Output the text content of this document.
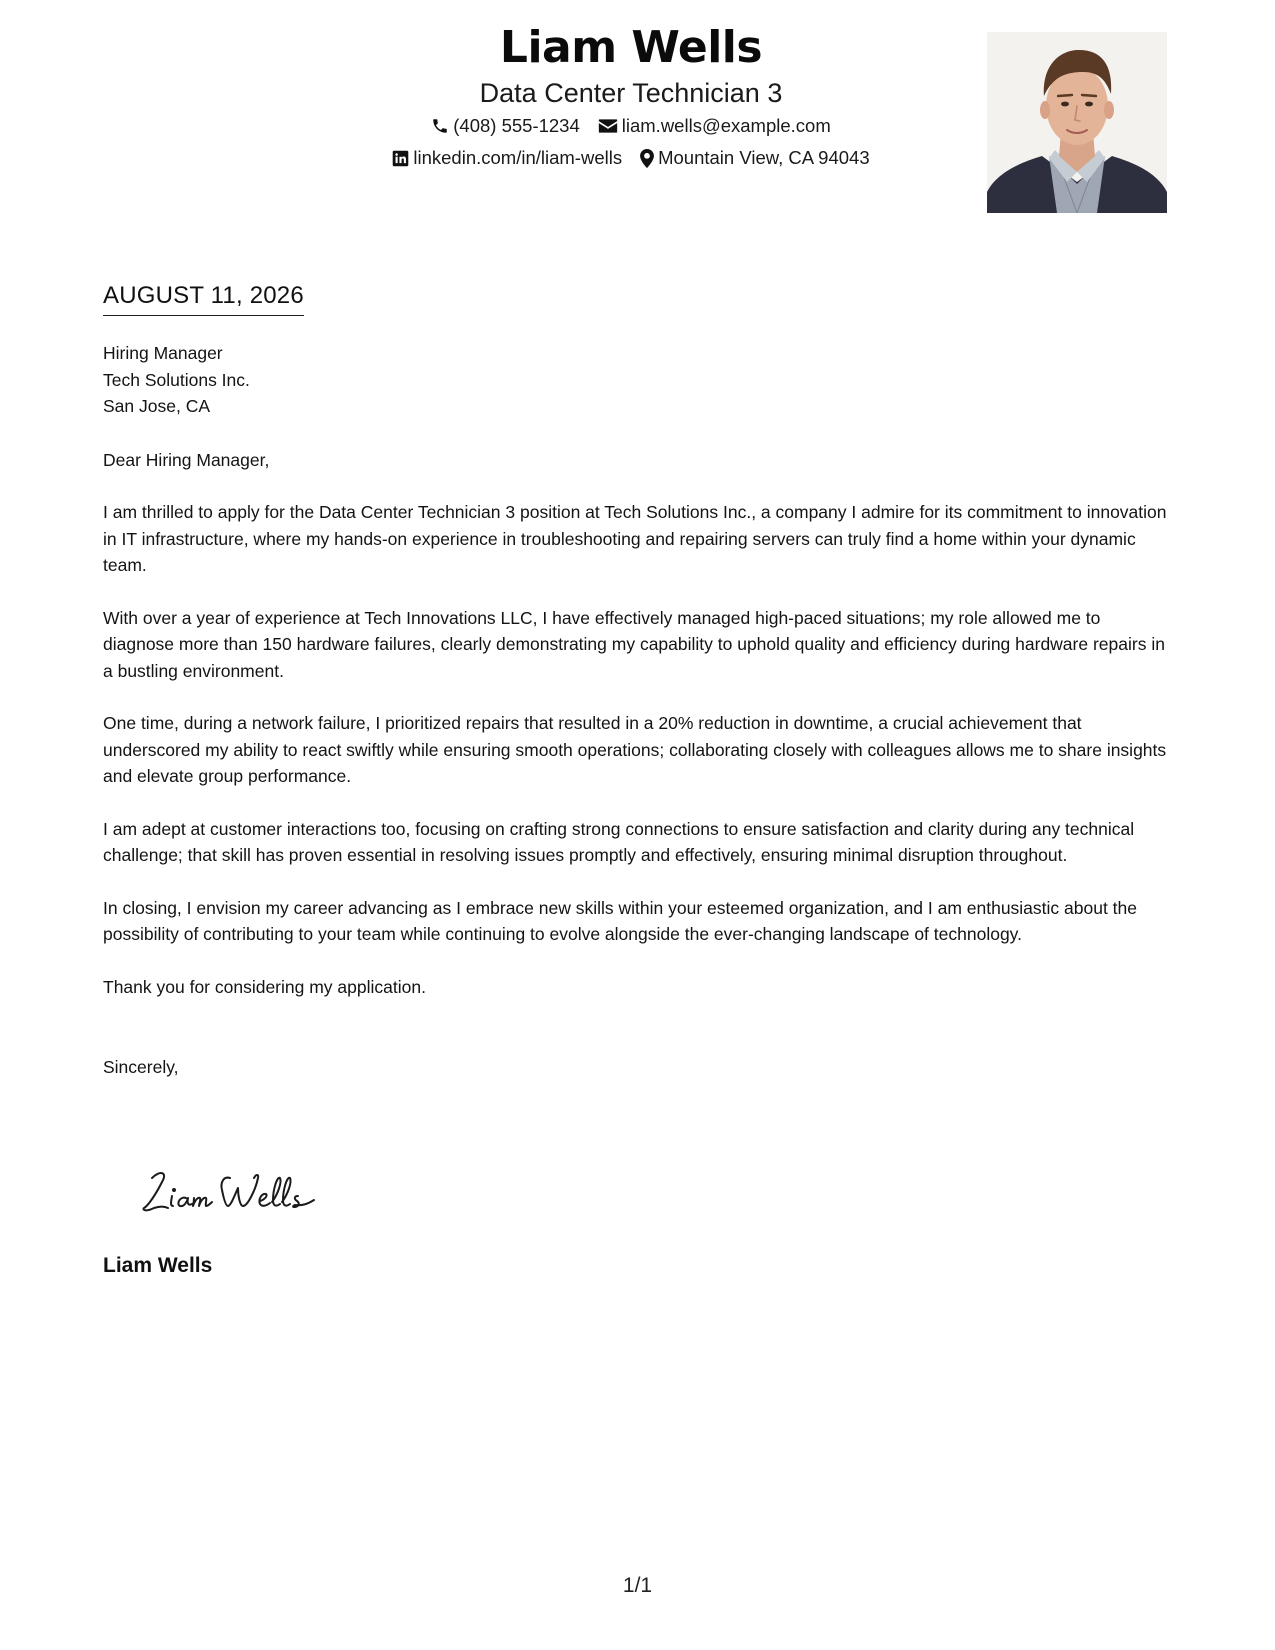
Liam Wells
Data Center Technician 3
(408) 555-1234 liam.wells@example.com
linkedin.com/in/liam-wells Mountain View, CA 94043
AUGUST 11, 2026
Hiring Manager
Tech Solutions Inc.
San Jose, CA
Dear Hiring Manager,
I am thrilled to apply for the Data Center Technician 3 position at Tech Solutions Inc., a company I admire for its commitment to innovation in IT infrastructure, where my hands-on experience in troubleshooting and repairing servers can truly find a home within your dynamic team.
With over a year of experience at Tech Innovations LLC, I have effectively managed high-paced situations; my role allowed me to diagnose more than 150 hardware failures, clearly demonstrating my capability to uphold quality and efficiency during hardware repairs in a bustling environment.
One time, during a network failure, I prioritized repairs that resulted in a 20% reduction in downtime, a crucial achievement that underscored my ability to react swiftly while ensuring smooth operations; collaborating closely with colleagues allows me to share insights and elevate group performance.
I am adept at customer interactions too, focusing on crafting strong connections to ensure satisfaction and clarity during any technical challenge; that skill has proven essential in resolving issues promptly and effectively, ensuring minimal disruption throughout.
In closing, I envision my career advancing as I embrace new skills within your esteemed organization, and I am enthusiastic about the possibility of contributing to your team while continuing to evolve alongside the ever-changing landscape of technology.
Thank you for considering my application.
Sincerely,
Liam Wells
1/1
